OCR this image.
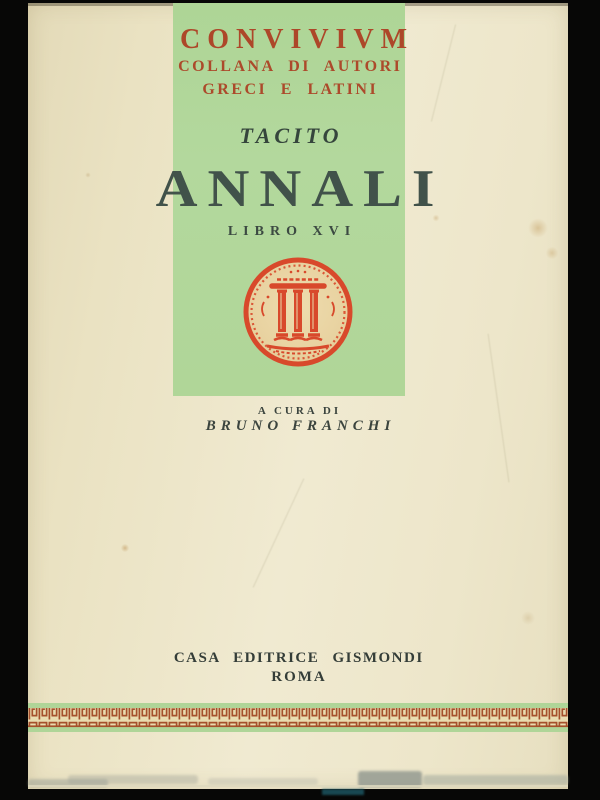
CONVIVIVM
COLLANA DI AUTORI
GRECI E LATINI
TACITO
LIBRO XVI
ANNALI
A CURA DI
BRUNO FRANCHI
CASA EDITRICE GISMONDI
ROMA
